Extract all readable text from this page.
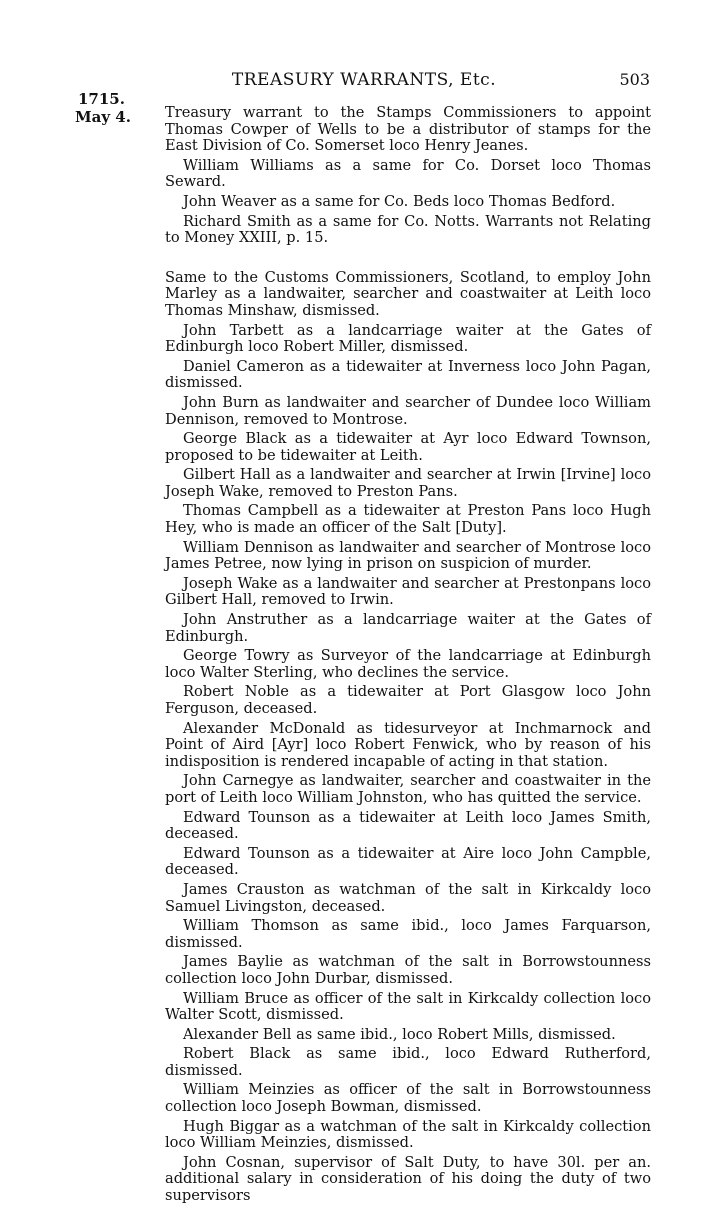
TREASURY WARRANTS, Etc.	503
1715.
May 4. Treasury warrant to the Stamps Commissioners to appoint Thomas Cowper of Wells to be a distributor of stamps for the East Division of Co. Somerset loco Henry Jeanes.

William Williams as a same for Co. Dorset loco Thomas Seward.

John Weaver as a same for Co. Beds loco Thomas Bedford.

Richard Smith as a same for Co. Notts. Warrants not Relating to Money XXIII, p. 15.

Same to the Customs Commissioners, Scotland, to employ John Marley as a landwaiter, searcher and coastwaiter at Leith loco Thomas Minshaw, dismissed.

John Tarbett as a landcarriage waiter at the Gates of Edinburgh loco Robert Miller, dismissed.

Daniel Cameron as a tidewaiter at Inverness loco John Pagan, dismissed.

John Burn as landwaiter and searcher of Dundee loco William Dennison, removed to Montrose.

George Black as a tidewaiter at Ayr loco Edward Townson, proposed to be tidewaiter at Leith.

Gilbert Hall as a landwaiter and searcher at Irwin [Irvine] loco Joseph Wake, removed to Preston Pans.

Thomas Campbell as a tidewaiter at Preston Pans loco Hugh Hey, who is made an officer of the Salt [Duty].

William Dennison as landwaiter and searcher of Montrose loco James Petree, now lying in prison on suspicion of murder.

Joseph Wake as a landwaiter and searcher at Prestonpans loco Gilbert Hall, removed to Irwin.

John Anstruther as a landcarriage waiter at the Gates of Edinburgh.

George Towry as Surveyor of the landcarriage at Edinburgh loco Walter Sterling, who declines the service.

Robert Noble as a tidewaiter at Port Glasgow loco John Ferguson, deceased.

Alexander McDonald as tidesurveyor at Inchmarnock and Point of Aird [Ayr] loco Robert Fenwick, who by reason of his indisposition is rendered incapable of acting in that station.

John Carnegye as landwaiter, searcher and coastwaiter in the port of Leith loco William Johnston, who has quitted the service.

Edward Tounson as a tidewaiter at Leith loco James Smith, deceased.

Edward Tounson as a tidewaiter at Aire loco John Campble, deceased.

James Crauston as watchman of the salt in Kirkcaldy loco Samuel Livingston, deceased.

William Thomson as same ibid., loco James Farquarson, dismissed.

James Baylie as watchman of the salt in Borrowstounness collection loco John Durbar, dismissed.

William Bruce as officer of the salt in Kirkcaldy collection loco Walter Scott, dismissed.

Alexander Bell as same ibid., loco Robert Mills, dismissed.

Robert Black as same ibid., loco Edward Rutherford, dismissed.

William Meinzies as officer of the salt in Borrowstounness collection loco Joseph Bowman, dismissed.

Hugh Biggar as a watchman of the salt in Kirkcaldy collection loco William Meinzies, dismissed.

John Cosnan, supervisor of Salt Duty, to have 30l. per an. additional salary in consideration of his doing the duty of two supervisors
